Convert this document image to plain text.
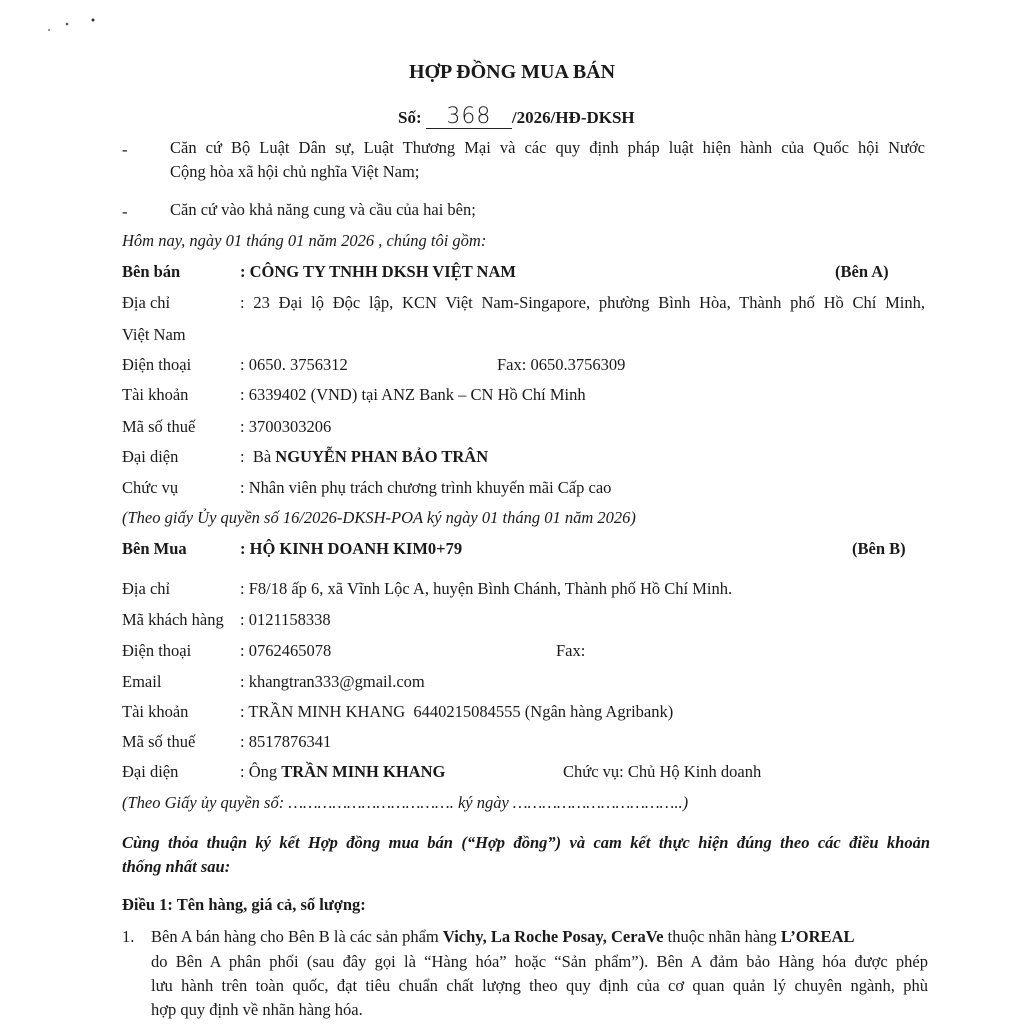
HỢP ĐỒNG MUA BÁN
Số: 368 /2026/HĐ-DKSH
-	Căn cứ Bộ Luật Dân sự, Luật Thương Mại và các quy định pháp luật hiện hành của Quốc hội Nước
Cộng hòa xã hội chủ nghĩa Việt Nam;
-	Căn cứ vào khả năng cung và cầu của hai bên;
Hôm nay, ngày 01 tháng 01 năm 2026 , chúng tôi gồm:
Bên bán	: CÔNG TY TNHH DKSH VIỆT NAM	(Bên A)
Địa chỉ	: 23 Đại lộ Độc lập, KCN Việt Nam-Singapore, phường Bình Hòa, Thành phố Hồ Chí Minh,
Việt Nam
Điện thoại	: 0650. 3756312	Fax: 0650.3756309
Tài khoản	: 6339402 (VND) tại ANZ Bank – CN Hồ Chí Minh
Mã số thuế	: 3700303206
Đại diện	:  Bà NGUYỄN PHAN BẢO TRÂN
Chức vụ	: Nhân viên phụ trách chương trình khuyến mãi Cấp cao
(Theo giấy Ủy quyền số 16/2026-DKSH-POA ký ngày 01 tháng 01 năm 2026)
Bên Mua	: HỘ KINH DOANH KIM0+79	(Bên B)
Địa chỉ	: F8/18 ấp 6, xã Vĩnh Lộc A, huyện Bình Chánh, Thành phố Hồ Chí Minh.
Mã khách hàng : 0121158338
Điện thoại	: 0762465078	Fax:
Email	: khangtran333@gmail.com
Tài khoản	: TRẦN MINH KHANG  6440215084555 (Ngân hàng Agribank)
Mã số thuế	: 8517876341
Đại diện	: Ông TRẦN MINH KHANG	Chức vụ: Chủ Hộ Kinh doanh
(Theo Giấy ủy quyền số: ……………………………. ký ngày ……………………………..)
Cùng thỏa thuận ký kết Hợp đồng mua bán (“Hợp đồng”) và cam kết thực hiện đúng theo các điều khoản
thống nhất sau:
Điều 1: Tên hàng, giá cả, số lượng:
1. Bên A bán hàng cho Bên B là các sản phẩm Vichy, La Roche Posay, CeraVe thuộc nhãn hàng L’OREAL
do Bên A phân phối (sau đây gọi là “Hàng hóa” hoặc “Sản phẩm”). Bên A đảm bảo Hàng hóa được phép
lưu hành trên toàn quốc, đạt tiêu chuẩn chất lượng theo quy định của cơ quan quản lý chuyên ngành, phù
hợp quy định về nhãn hàng hóa.
